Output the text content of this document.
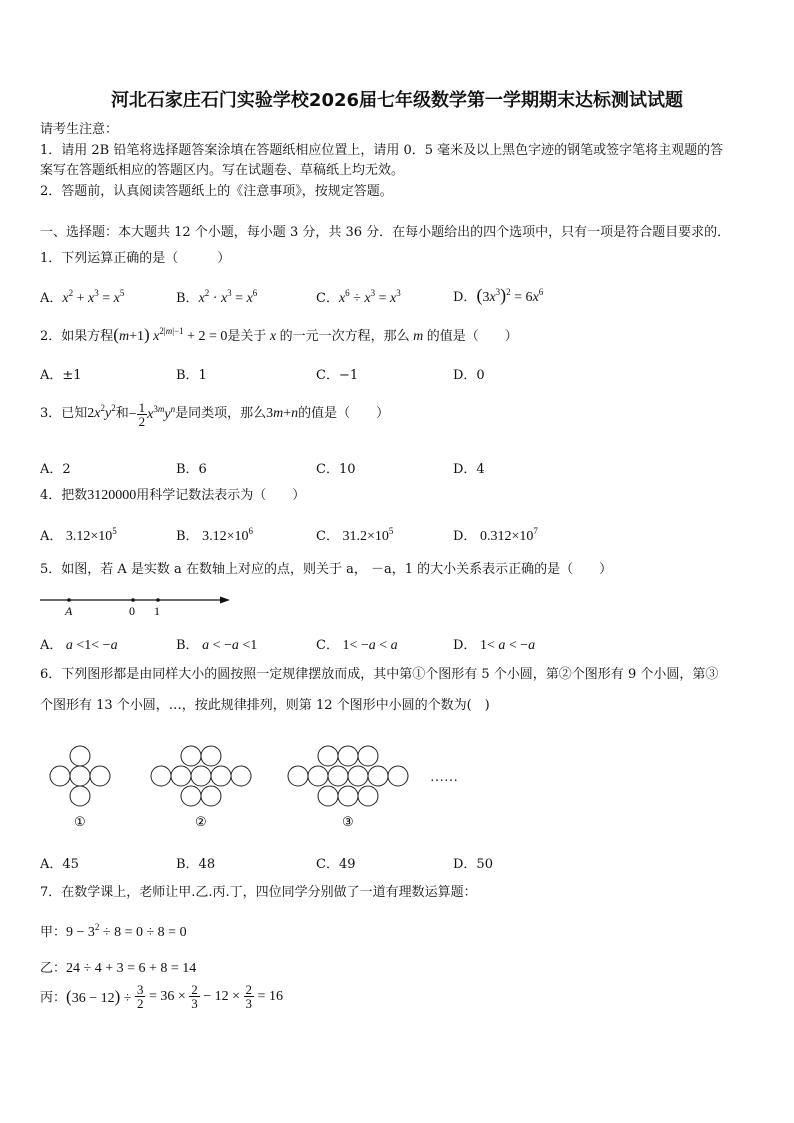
河北石家庄石门实验学校2026届七年级数学第一学期期末达标测试试题
请考生注意：
1．请用 2B 铅笔将选择题答案涂填在答题纸相应位置上，请用 0．5 毫米及以上黑色字迹的钢笔或签字笔将主观题的答
案写在答题纸相应的答题区内。写在试题卷、草稿纸上均无效。
2．答题前，认真阅读答题纸上的《注意事项》，按规定答题。
一、选择题：本大题共 12 个小题，每小题 3 分，共 36 分．在每小题给出的四个选项中，只有一项是符合题目要求的．
1．下列运算正确的是（　　　）
A．$x^2 + x^3 = x^5$	B．$x^2 \cdot x^3 = x^6$	C．$x^6 \div x^3 = x^3$	D．$(3x^3)^2 = 6x^6$
2．如果方程(m+1) $x^{2|m|-1} + 2 = 0$是关于 x 的一元一次方程，那么 m 的值是（　　）
A．±1	B．1	C．−1	D．0
3．已知$2x^2y^2$和− $\frac{1}{2} x^{3m}y^n$是同类项，那么3m+n的值是（　　）
A．2	B．6	C．10	D．4
4．把数3120000用科学记数法表示为（　　）
A． $3.12\times 10^5$	B． $3.12\times 10^6$	C． $31.2\times 10^5$	D． $0.312\times 10^7$
5．如图，若 A 是实数 a 在数轴上对应的点，则关于 a， －a，1 的大小关系表示正确的是（　　）
A	0 1
A． a <1< −a	B． a < −a <1	C． 1< −a < a	D． 1< a < −a
6．下列图形都是由同样大小的圆按照一定规律摆放而成，其中第①个图形有 5 个小圆，第②个图形有 9 个小圆，第③
个图形有 13 个小圆，…，按此规律排列，则第 12 个图形中小圆的个数为(　)
……
①	②	③
A．45	B．48	C．49	D．50
7．在数学课上，老师让甲.乙.丙.丁，四位同学分别做了一道有理数运算题：
甲：$9 - 3^2 \div 8 = 0 \div 8 = 0$
乙：24 ÷ 4 + 3 = 6 + 8 = 14
丙：$(36 - 12) \div \frac{3}{2} = 36 \times \frac{2}{3} - 12 \times \frac{2}{3} = 16$
